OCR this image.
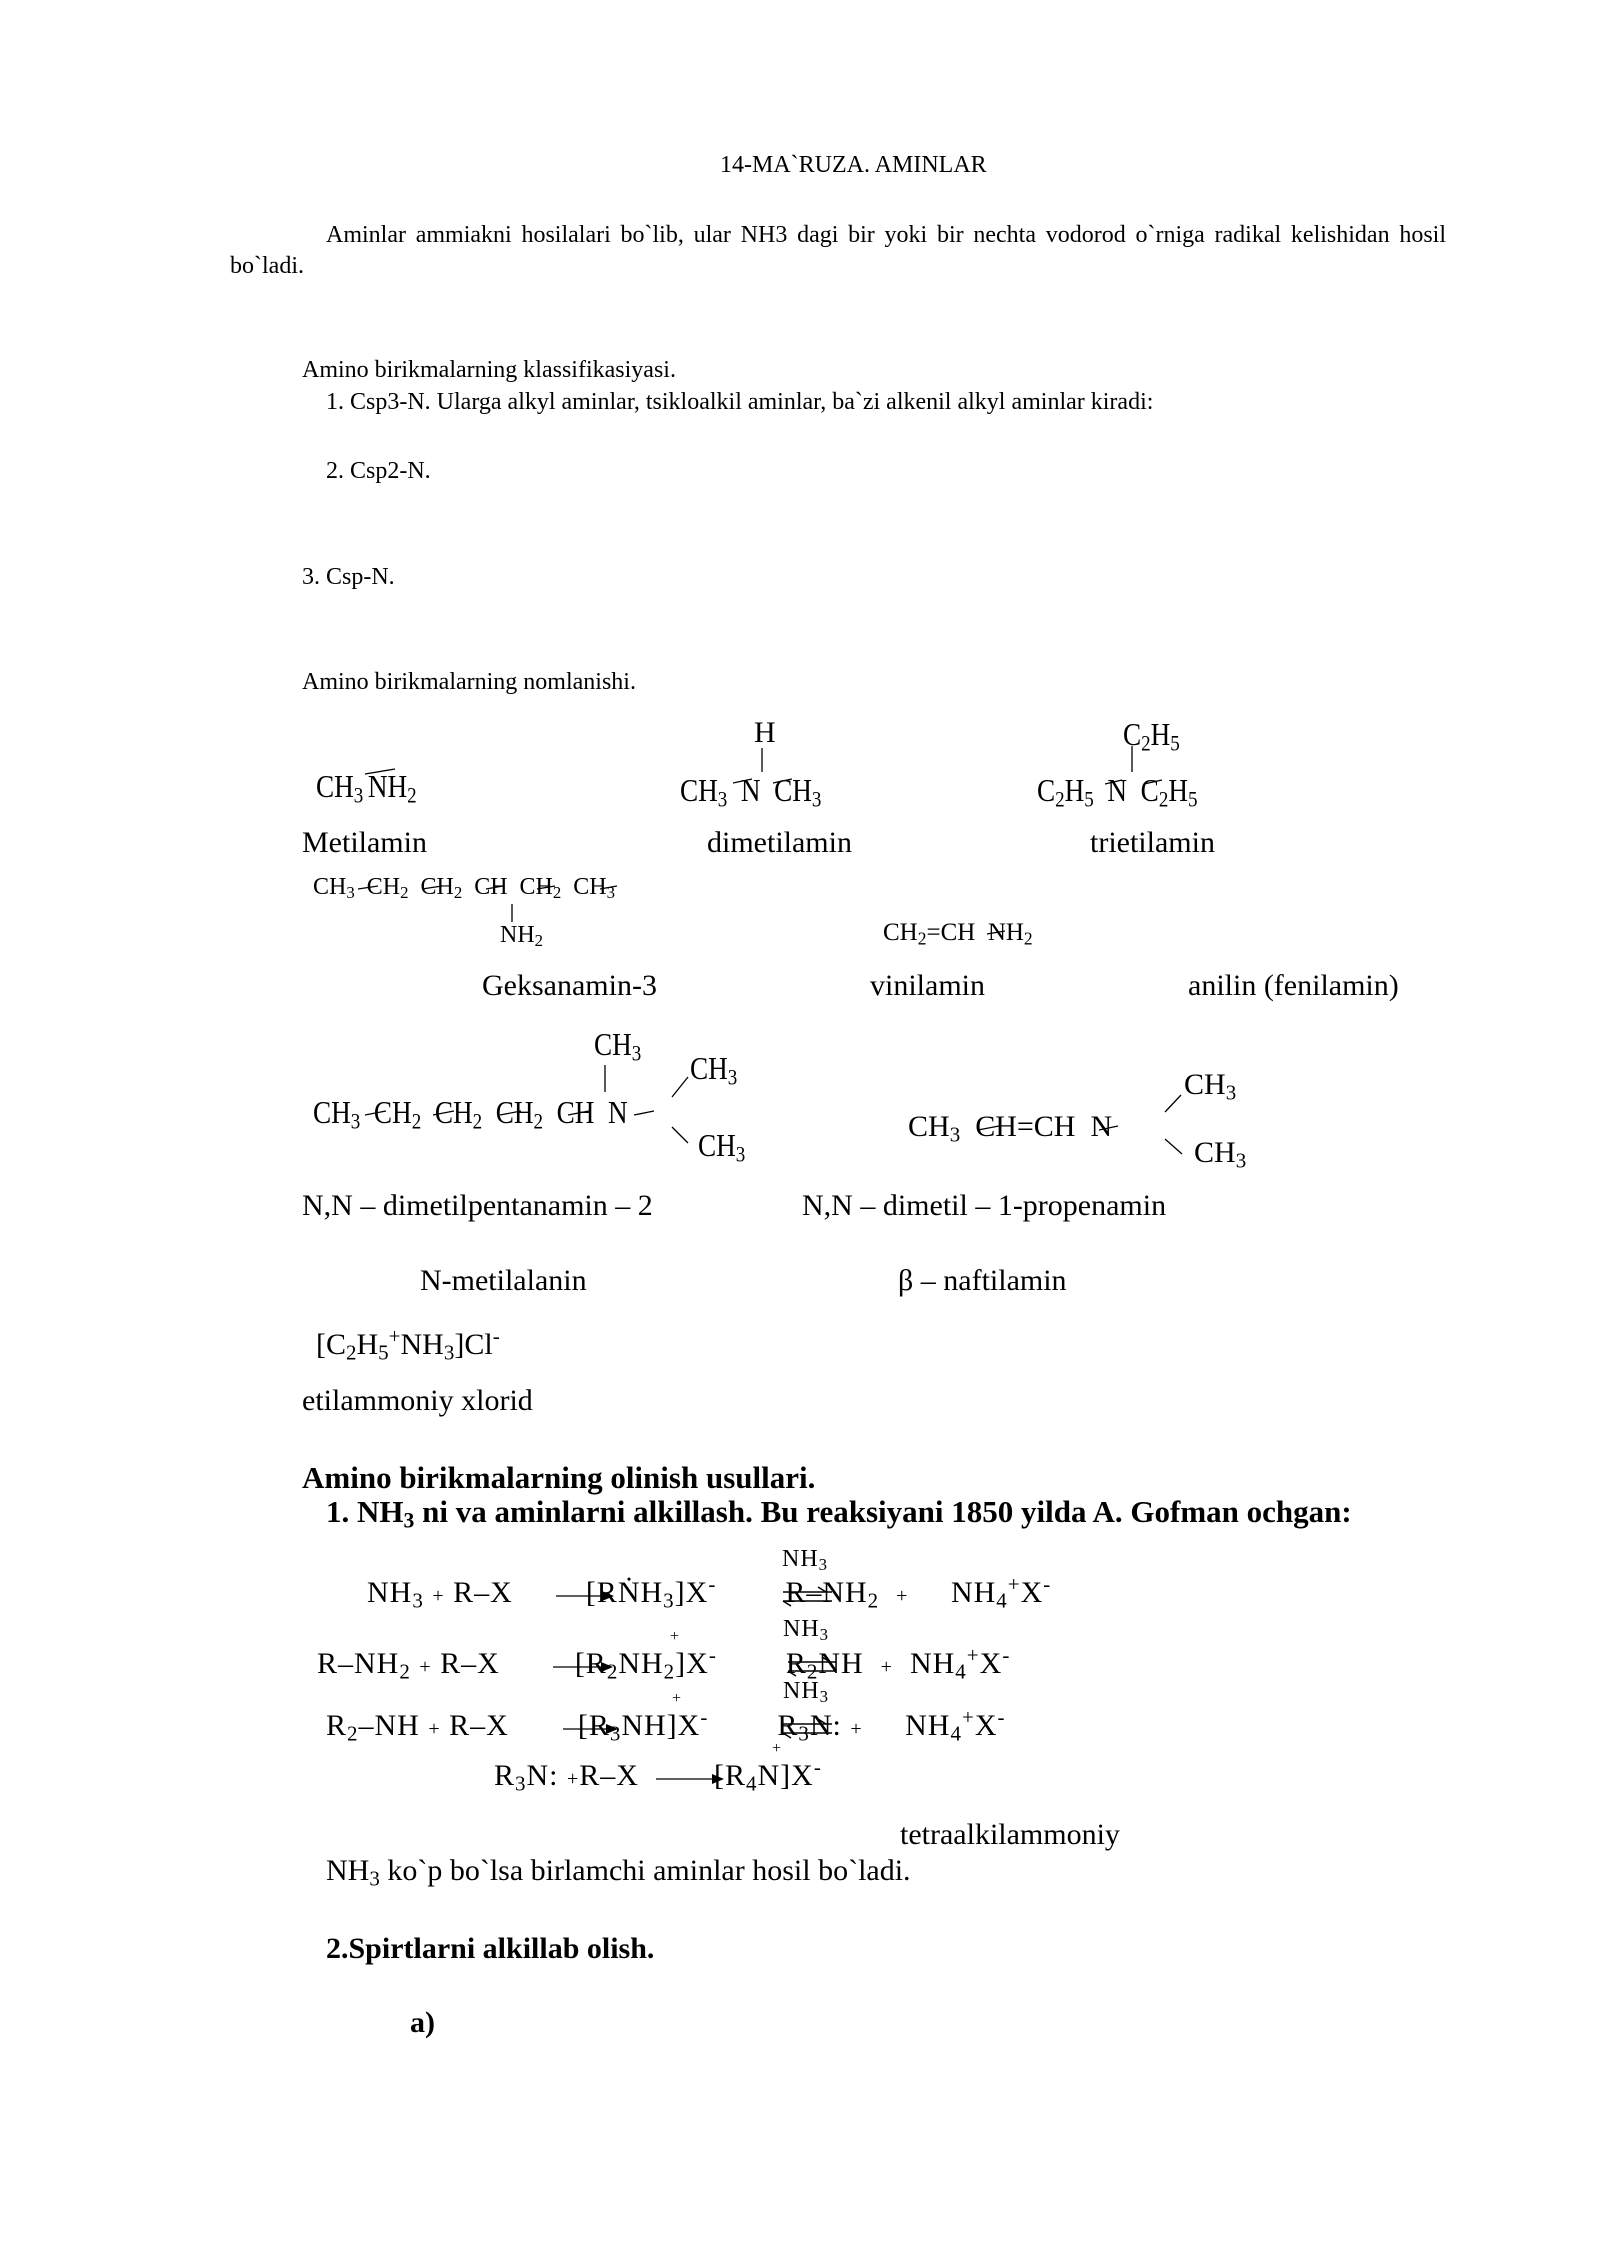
14-MA`RUZA. AMINLAR
Aminlar ammiakni hosilalari bo`lib, ular NH3 dagi bir yoki bir nechta vodorod o`rniga radikal kelishidan hosil bo`ladi.
Amino birikmalarning klassifikasiyasi.
1. Csp3-N. Ularga alkyl aminlar, tsikloalkil aminlar, ba`zi alkenil alkyl aminlar kiradi:
2. Csp2-N.
3. Csp-N.
Amino birikmalarning nomlanishi.
$CH_3$   $NH_2$
H
$CH_3$ N $CH_3$
$C_2H_5$
$C_2H_5$ N $C_2H_5$
Metilamin	dimetilamin	trietilamin
$CH_3$ $CH_2$ $CH_2$ CH $CH_2$ $CH_3$
$NH_2$	$CH_2=CH$ $NH_2$
Geksanamin-3	vinilamin	anilin (fenilamin)
$CH_3$
$CH_3$ $CH_2$ $CH_2$ $CH_2$ CH N
$CH_3$
$CH_3$
$CH_3$
$CH_3$ CH=CH N
$CH_3$
N,N – dimetilpentanamin – 2	N,N – dimetil – 1-propenamin
N-metilalanin	β – naftilamin
$[C_2H_5^+NH_3]Cl^-$
etilammoniy xlorid
Amino birikmalarning olinish usullari.
1. $NH_3$ ni va aminlarni alkillash. Bu reaksiyani 1850 yilda A. Gofman ochgan:
$NH_3$
$NH_3 + R-X$ [RṄH$_3$]X- $R-NH_2 + NH_4^+X^-$
$NH_3$
+
$R-NH_2 + R-X$	$[R_2NH_2]X^-$ $R_2NH + NH_4^+X^-$
$NH_3$
+
$R_2-NH + R-X$ $[R_3NH]X^-$ $R_3N$: + $NH_4^+X^-$
+
$R_3N$: +R–X	$[R_4N]X^-$
tetraalkilammoniy
$NH_3$ ko`p bo`lsa birlamchi aminlar hosil bo`ladi.
2.Spirtlarni alkillab olish.
a)
